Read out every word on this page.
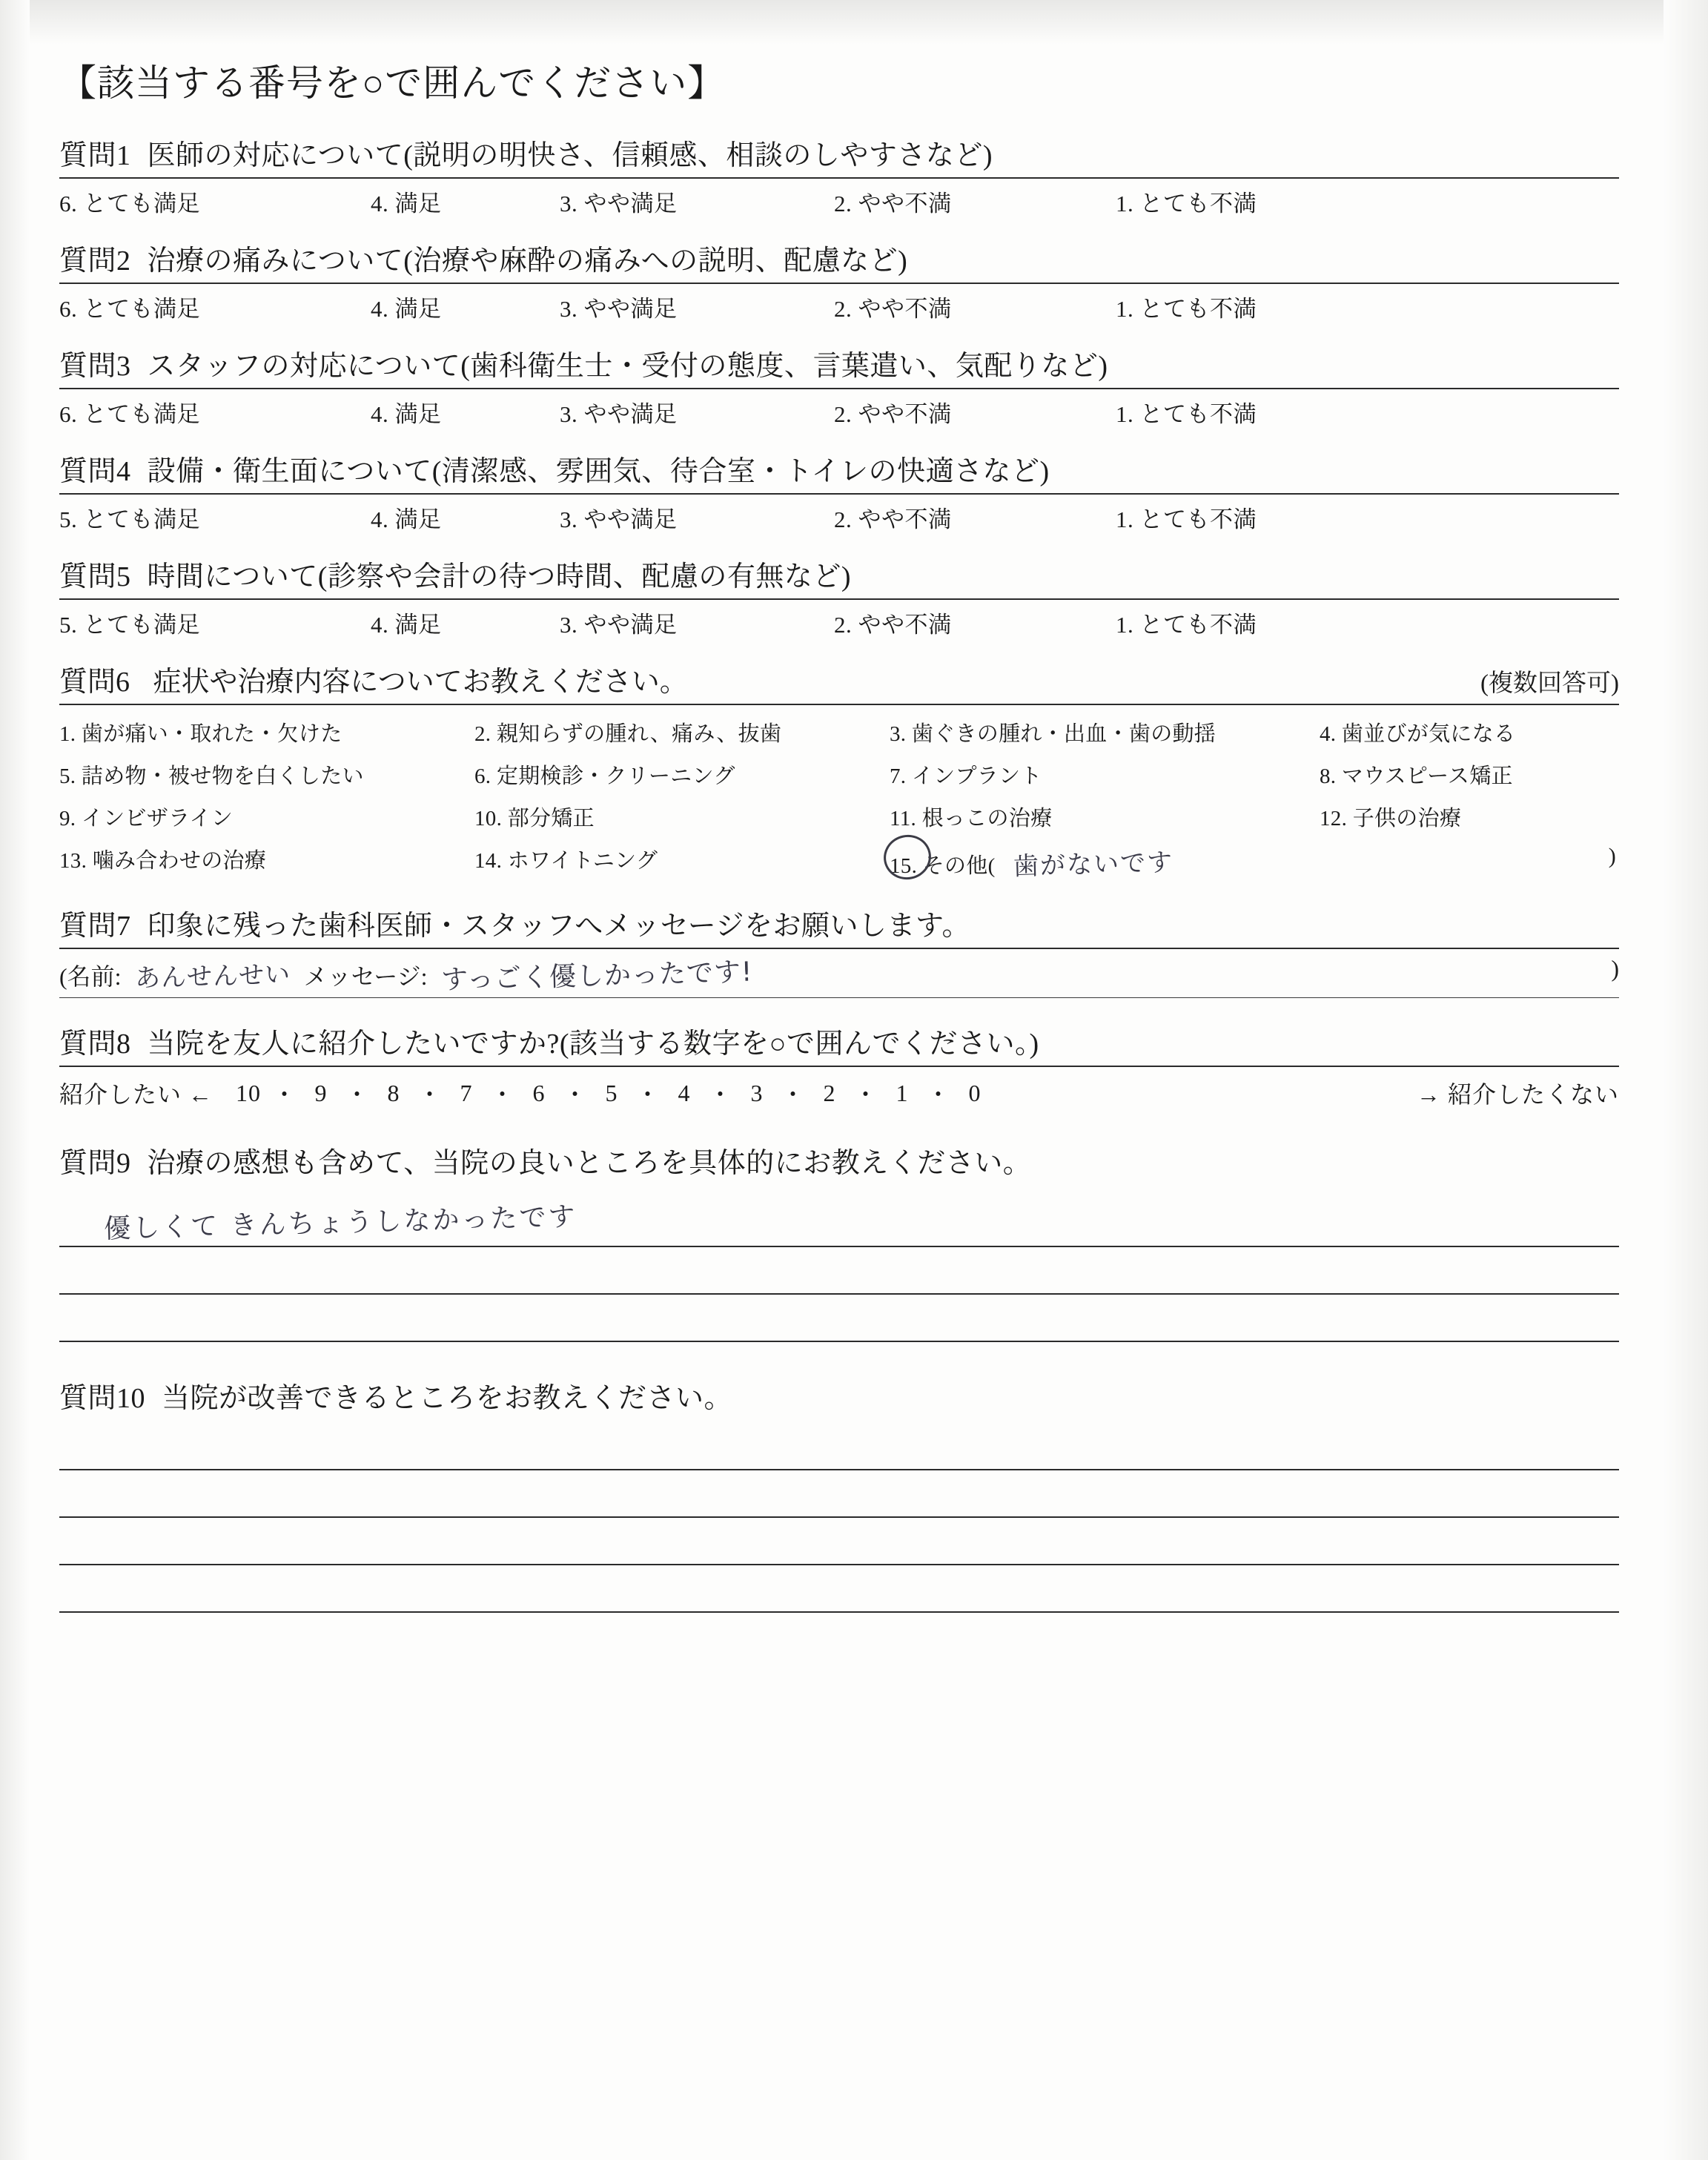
【該当する番号を○で囲んでください】
質問1 医師の対応について(説明の明快さ、信頼感、相談のしやすさなど)
6. とても満足	4. 満足	3. やや満足	2. やや不満	1. とても不満
質問2 治療の痛みについて(治療や麻酔の痛みへの説明、配慮など)
6. とても満足	4. 満足	3. やや満足	2. やや不満	1. とても不満
質問3 スタッフの対応について(歯科衛生士・受付の態度、言葉遣い、気配りなど)
6. とても満足	4. 満足	3. やや満足	2. やや不満	1. とても不満
質問4 設備・衛生面について(清潔感、雰囲気、待合室・トイレの快適さなど)
5. とても満足	4. 満足	3. やや満足	2. やや不満	1. とても不満
質問5 時間について(診察や会計の待つ時間、配慮の有無など)
5. とても満足	4. 満足	3. やや満足	2. やや不満	1. とても不満
質問6 症状や治療内容についてお教えください。	(複数回答可)
1. 歯が痛い・取れた・欠けた	2. 親知らずの腫れ、痛み、抜歯	3. 歯ぐきの腫れ・出血・歯の動揺	4. 歯並びが気になる
5. 詰め物・被せ物を白くしたい	6. 定期検診・クリーニング	7. インプラント	8. マウスピース矯正
9. インビザライン	10. 部分矯正	11. 根っこの治療	12. 子供の治療
13. 噛み合わせの治療	14. ホワイトニング	15. その他( 歯がないです	)
質問7 印象に残った歯科医師・スタッフへメッセージをお願いします。
(名前: あんせんせい メッセージ: すっごく優しかったです!	)
質問8 当院を友人に紹介したいですか?(該当する数字を○で囲んでください。)
紹介したい ← 10 ・ 9 ・ 8 ・ 7 ・ 6 ・ 5 ・ 4 ・ 3 ・ 2 ・ 1 ・ 0	→ 紹介したくない
質問9 治療の感想も含めて、当院の良いところを具体的にお教えください。
優しくて きんちょうしなかったです
質問10 当院が改善できるところをお教えください。
